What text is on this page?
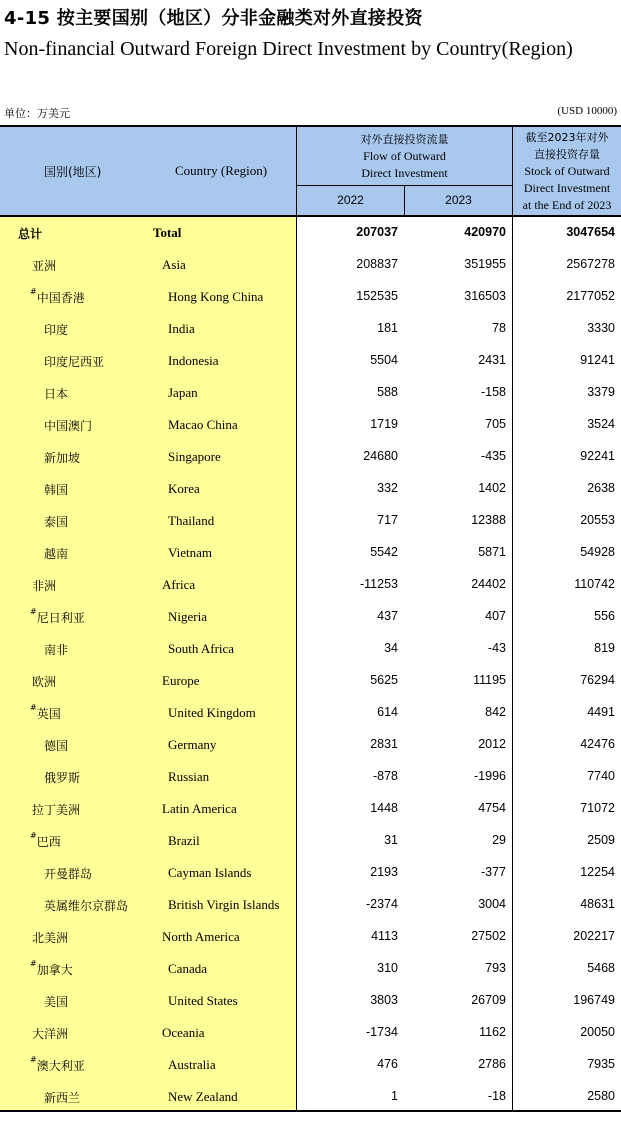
4-15 按主要国别（地区）分非金融类对外直接投资
Non-financial Outward Foreign Direct Investment by Country(Region)
单位：万美元	(USD 10000)
国别(地区)	Country (Region)
对外直接投资流量
Flow of Outward
Direct Investment
2022	2023
截至2023年对外
直接投资存量
Stock of Outward
Direct Investment
at the End of 2023
总计	Total	207037	420970	3047654
亚洲	Asia	208837	351955	2567278
#中国香港	Hong Kong China	152535	316503	2177052
印度	India	181	78	3330
印度尼西亚	Indonesia	5504	2431	91241
日本	Japan	588	-158	3379
中国澳门	Macao China	1719	705	3524
新加坡	Singapore	24680	-435	92241
韩国	Korea	332	1402	2638
泰国	Thailand	717	12388	20553
越南	Vietnam	5542	5871	54928
非洲	Africa	-11253	24402	110742
#尼日利亚	Nigeria	437	407	556
南非	South Africa	34	-43	819
欧洲	Europe	5625	11195	76294
#英国	United Kingdom	614	842	4491
德国	Germany	2831	2012	42476
俄罗斯	Russian	-878	-1996	7740
拉丁美洲	Latin America	1448	4754	71072
#巴西	Brazil	31	29	2509
开曼群岛	Cayman Islands	2193	-377	12254
英属维尔京群岛	British Virgin Islands	-2374	3004	48631
北美洲	North America	4113	27502	202217
#加拿大	Canada	310	793	5468
美国	United States	3803	26709	196749
大洋洲	Oceania	-1734	1162	20050
#澳大利亚	Australia	476	2786	7935
新西兰	New Zealand	1	-18	2580
